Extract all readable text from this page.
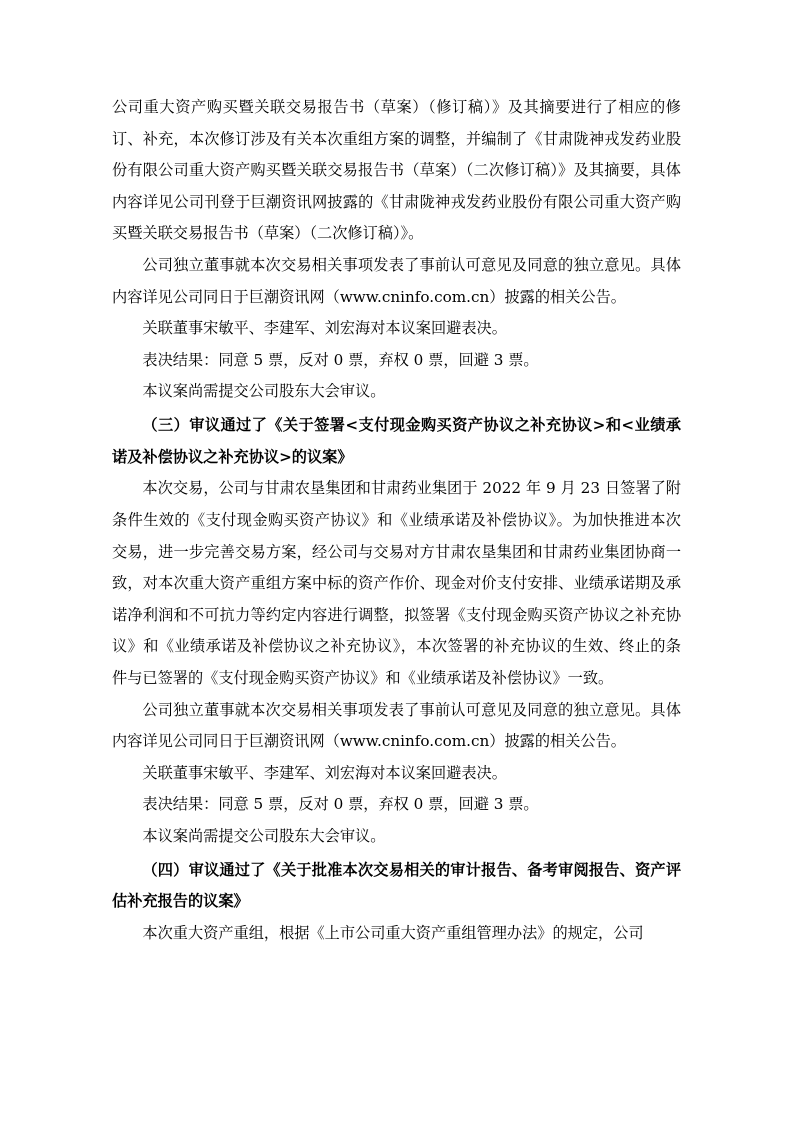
公司重大资产购买暨关联交易报告书（草案）（修订稿）》及其摘要进行了相应的修订、补充，本次修订涉及有关本次重组方案的调整，并编制了《甘肃陇神戎发药业股份有限公司重大资产购买暨关联交易报告书（草案）（二次修订稿）》及其摘要，具体内容详见公司刊登于巨潮资讯网披露的《甘肃陇神戎发药业股份有限公司重大资产购买暨关联交易报告书（草案）（二次修订稿）》。

公司独立董事就本次交易相关事项发表了事前认可意见及同意的独立意见。具体内容详见公司同日于巨潮资讯网（www.cninfo.com.cn）披露的相关公告。

关联董事宋敏平、李建军、刘宏海对本议案回避表决。

表决结果：同意 5 票，反对 0 票，弃权 0 票，回避 3 票。

本议案尚需提交公司股东大会审议。

（三）审议通过了《关于签署<支付现金购买资产协议之补充协议>和<业绩承诺及补偿协议之补充协议>的议案》

本次交易，公司与甘肃农垦集团和甘肃药业集团于 2022 年 9 月 23 日签署了附条件生效的《支付现金购买资产协议》和《业绩承诺及补偿协议》。为加快推进本次交易，进一步完善交易方案，经公司与交易对方甘肃农垦集团和甘肃药业集团协商一致，对本次重大资产重组方案中标的资产作价、现金对价支付安排、业绩承诺期及承诺净利润和不可抗力等约定内容进行调整，拟签署《支付现金购买资产协议之补充协议》和《业绩承诺及补偿协议之补充协议》，本次签署的补充协议的生效、终止的条件与已签署的《支付现金购买资产协议》和《业绩承诺及补偿协议》一致。

公司独立董事就本次交易相关事项发表了事前认可意见及同意的独立意见。具体内容详见公司同日于巨潮资讯网（www.cninfo.com.cn）披露的相关公告。

关联董事宋敏平、李建军、刘宏海对本议案回避表决。

表决结果：同意 5 票，反对 0 票，弃权 0 票，回避 3 票。

本议案尚需提交公司股东大会审议。

（四）审议通过了《关于批准本次交易相关的审计报告、备考审阅报告、资产评估补充报告的议案》

本次重大资产重组，根据《上市公司重大资产重组管理办法》的规定，公司
